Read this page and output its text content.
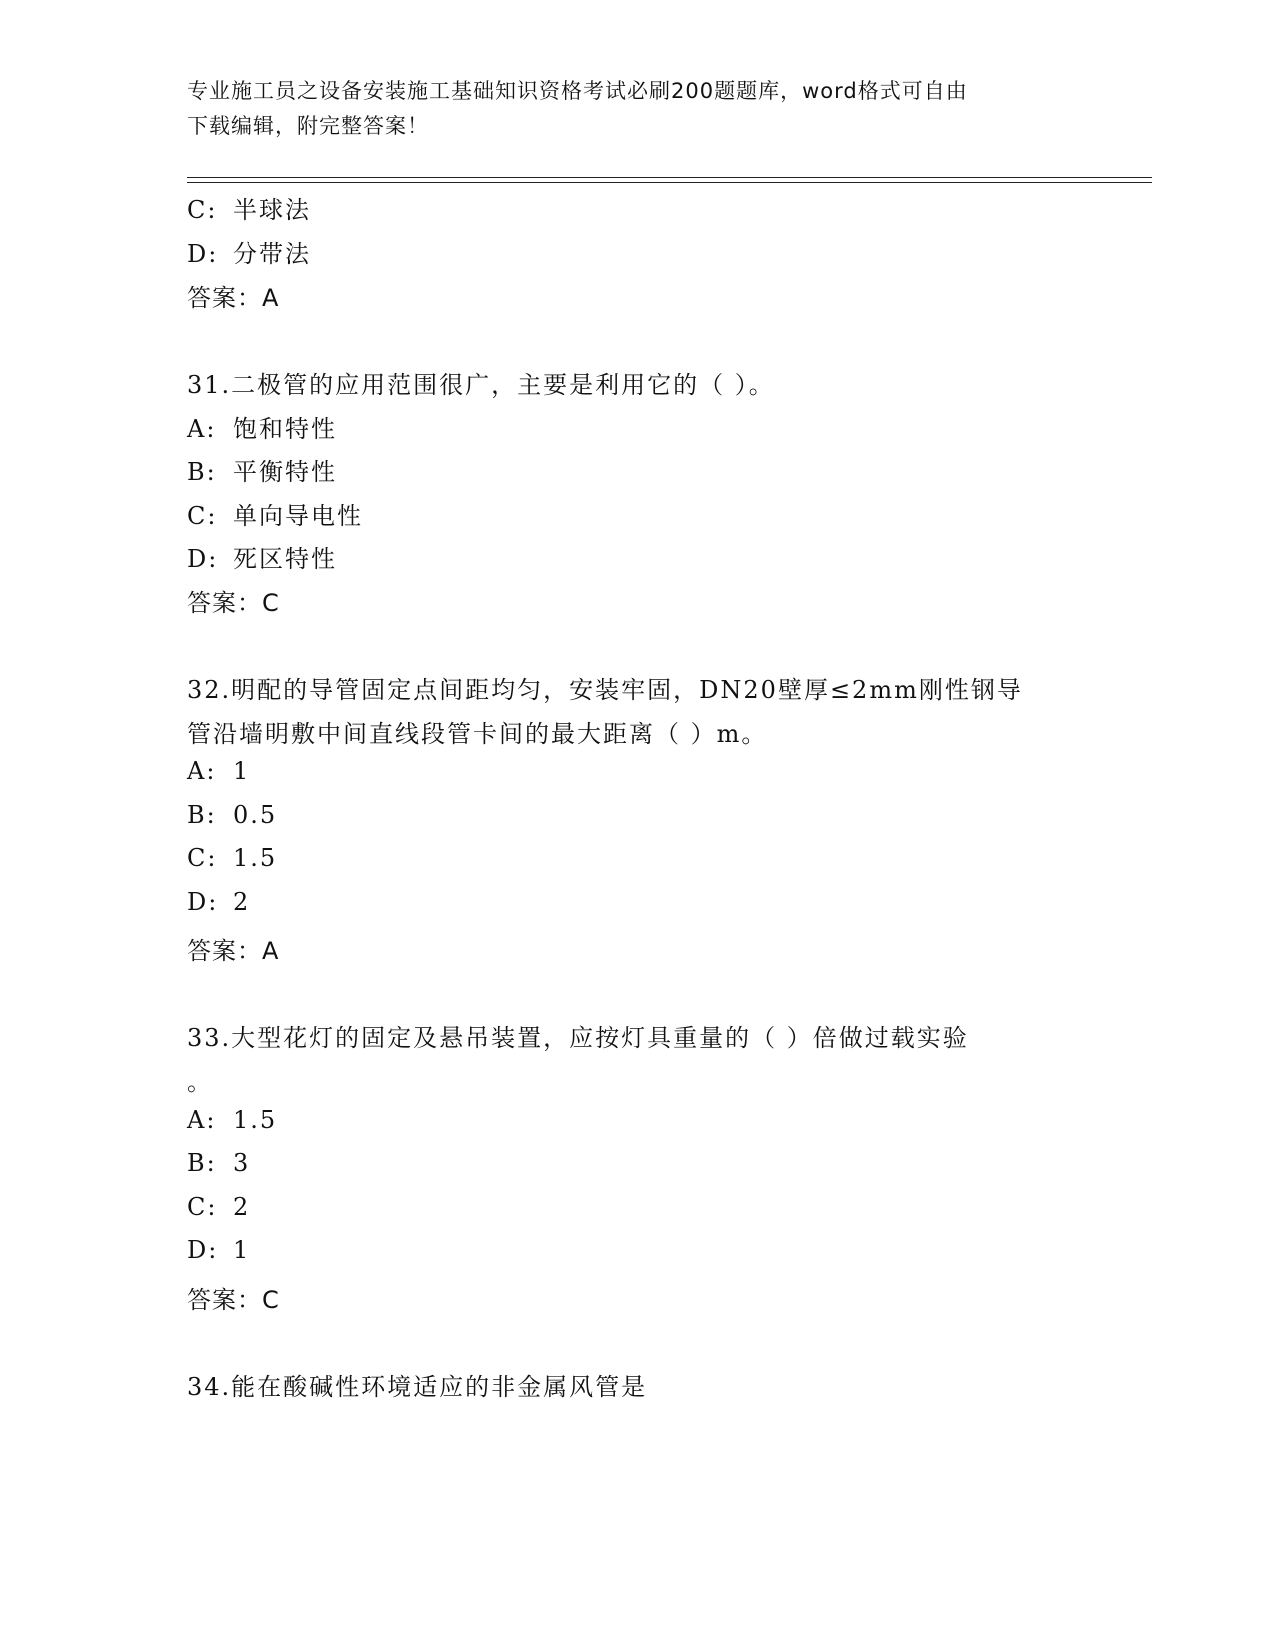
专业施工员之设备安装施工基础知识资格考试必刷200题题库，word格式可自由
下载编辑，附完整答案！
C: 半球法
D: 分带法
答案：A
31.二极管的应用范围很广，主要是利用它的（ ）。
A: 饱和特性
B: 平衡特性
C: 单向导电性
D: 死区特性
答案：C
32.明配的导管固定点间距均匀，安装牢固，DN20壁厚≤2mm刚性钢导
管沿墙明敷中间直线段管卡间的最大距离（ ）m。
A: 1
B: 0.5
C: 1.5
D: 2
答案：A
33.大型花灯的固定及悬吊装置，应按灯具重量的（ ）倍做过载实验
。
A: 1.5
B: 3
C: 2
D: 1
答案：C
34.能在酸碱性环境适应的非金属风管是
